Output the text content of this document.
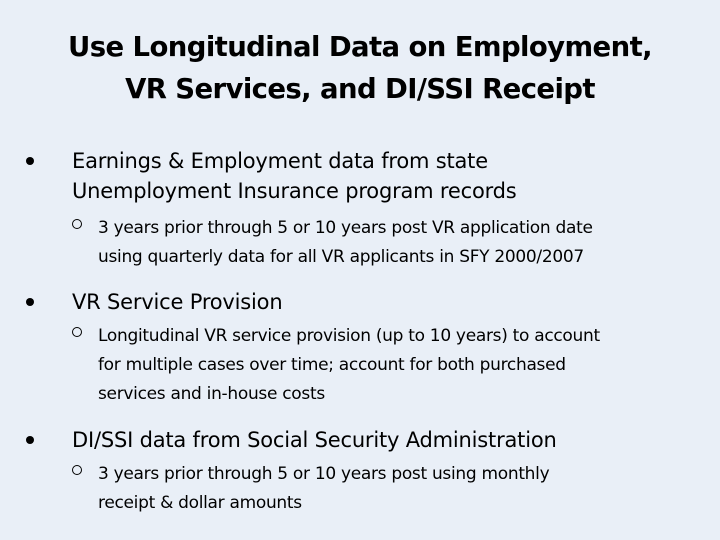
Use Longitudinal Data on Employment,
VR Services, and DI/SSI Receipt
Earnings & Employment data from state
Unemployment Insurance program records
3 years prior through 5 or 10 years post VR application date
using quarterly data for all VR applicants in SFY 2000/2007
VR Service Provision
Longitudinal VR service provision (up to 10 years) to account
for multiple cases over time; account for both purchased
services and in-house costs
DI/SSI data from Social Security Administration
3 years prior through 5 or 10 years post using monthly
receipt & dollar amounts
